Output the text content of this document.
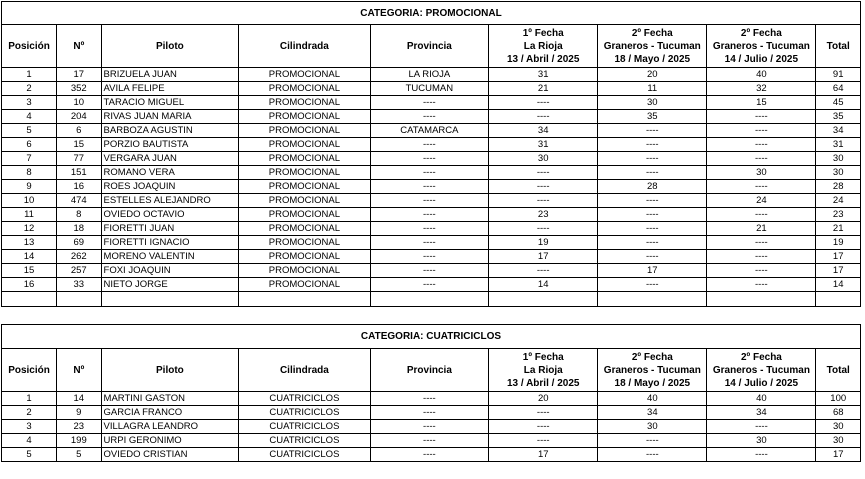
CATEGORIA: PROMOCIONAL								
Posición	Nº	Piloto	Cilindrada	Provincia	1º Fecha
La Rioja
13 / Abril / 2025	2º Fecha
Graneros - Tucuman
18 / Mayo / 2025	2º Fecha
Graneros - Tucuman
14 / Julio / 2025	Total
1	17	BRIZUELA JUAN	PROMOCIONAL	LA RIOJA	31	20	40	91
2	352	AVILA FELIPE	PROMOCIONAL	TUCUMAN	21	11	32	64
3	10	TARACIO MIGUEL	PROMOCIONAL	----	----	30	15	45
4	204	RIVAS JUAN MARIA	PROMOCIONAL	----	----	35	----	35
5	6	BARBOZA AGUSTIN	PROMOCIONAL	CATAMARCA	34	----	----	34
6	15	PORZIO BAUTISTA	PROMOCIONAL	----	31	----	----	31
7	77	VERGARA JUAN	PROMOCIONAL	----	30	----	----	30
8	151	ROMANO VERA	PROMOCIONAL	----	----	----	30	30
9	16	ROES JOAQUIN	PROMOCIONAL	----	----	28	----	28
10	474	ESTELLES ALEJANDRO	PROMOCIONAL	----	----	----	24	24
11	8	OVIEDO OCTAVIO	PROMOCIONAL	----	23	----	----	23
12	18	FIORETTI JUAN	PROMOCIONAL	----	----	----	21	21
13	69	FIORETTI IGNACIO	PROMOCIONAL	----	19	----	----	19
14	262	MORENO VALENTIN	PROMOCIONAL	----	17	----	----	17
15	257	FOXI JOAQUIN	PROMOCIONAL	----	----	17	----	17
16	33	NIETO JORGE	PROMOCIONAL	----	14	----	----	14

CATEGORIA: CUATRICICLOS								
Posición	Nº	Piloto	Cilindrada	Provincia	1º Fecha
La Rioja
13 / Abril / 2025	2º Fecha
Graneros - Tucuman
18 / Mayo / 2025	2º Fecha
Graneros - Tucuman
14 / Julio / 2025	Total
1	14	MARTINI GASTON	CUATRICICLOS	----	20	40	40	100
2	9	GARCIA FRANCO	CUATRICICLOS	----	----	34	34	68
3	23	VILLAGRA LEANDRO	CUATRICICLOS	----	----	30	----	30
4	199	URPI GERONIMO	CUATRICICLOS	----	----	----	30	30
5	5	OVIEDO CRISTIAN	CUATRICICLOS	----	17	----	----	17
